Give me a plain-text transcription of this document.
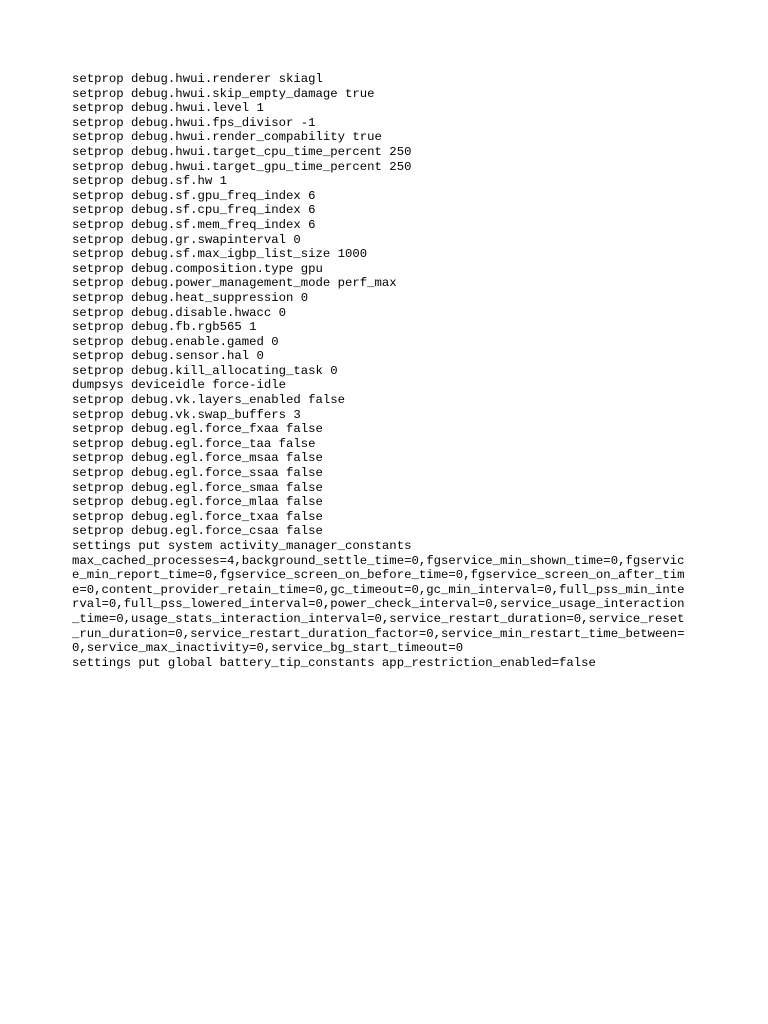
setprop debug.hwui.renderer skiagl
setprop debug.hwui.skip_empty_damage true
setprop debug.hwui.level 1
setprop debug.hwui.fps_divisor -1
setprop debug.hwui.render_compability true
setprop debug.hwui.target_cpu_time_percent 250
setprop debug.hwui.target_gpu_time_percent 250
setprop debug.sf.hw 1
setprop debug.sf.gpu_freq_index 6
setprop debug.sf.cpu_freq_index 6
setprop debug.sf.mem_freq_index 6
setprop debug.gr.swapinterval 0
setprop debug.sf.max_igbp_list_size 1000
setprop debug.composition.type gpu
setprop debug.power_management_mode perf_max
setprop debug.heat_suppression 0
setprop debug.disable.hwacc 0
setprop debug.fb.rgb565 1
setprop debug.enable.gamed 0
setprop debug.sensor.hal 0
setprop debug.kill_allocating_task 0
dumpsys deviceidle force-idle
setprop debug.vk.layers_enabled false
setprop debug.vk.swap_buffers 3
setprop debug.egl.force_fxaa false
setprop debug.egl.force_taa false
setprop debug.egl.force_msaa false
setprop debug.egl.force_ssaa false
setprop debug.egl.force_smaa false
setprop debug.egl.force_mlaa false
setprop debug.egl.force_txaa false
setprop debug.egl.force_csaa false
settings put system activity_manager_constants
max_cached_processes=4,background_settle_time=0,fgservice_min_shown_time=0,fgservic
e_min_report_time=0,fgservice_screen_on_before_time=0,fgservice_screen_on_after_tim
e=0,content_provider_retain_time=0,gc_timeout=0,gc_min_interval=0,full_pss_min_inte
rval=0,full_pss_lowered_interval=0,power_check_interval=0,service_usage_interaction
_time=0,usage_stats_interaction_interval=0,service_restart_duration=0,service_reset
_run_duration=0,service_restart_duration_factor=0,service_min_restart_time_between=
0,service_max_inactivity=0,service_bg_start_timeout=0
settings put global battery_tip_constants app_restriction_enabled=false
